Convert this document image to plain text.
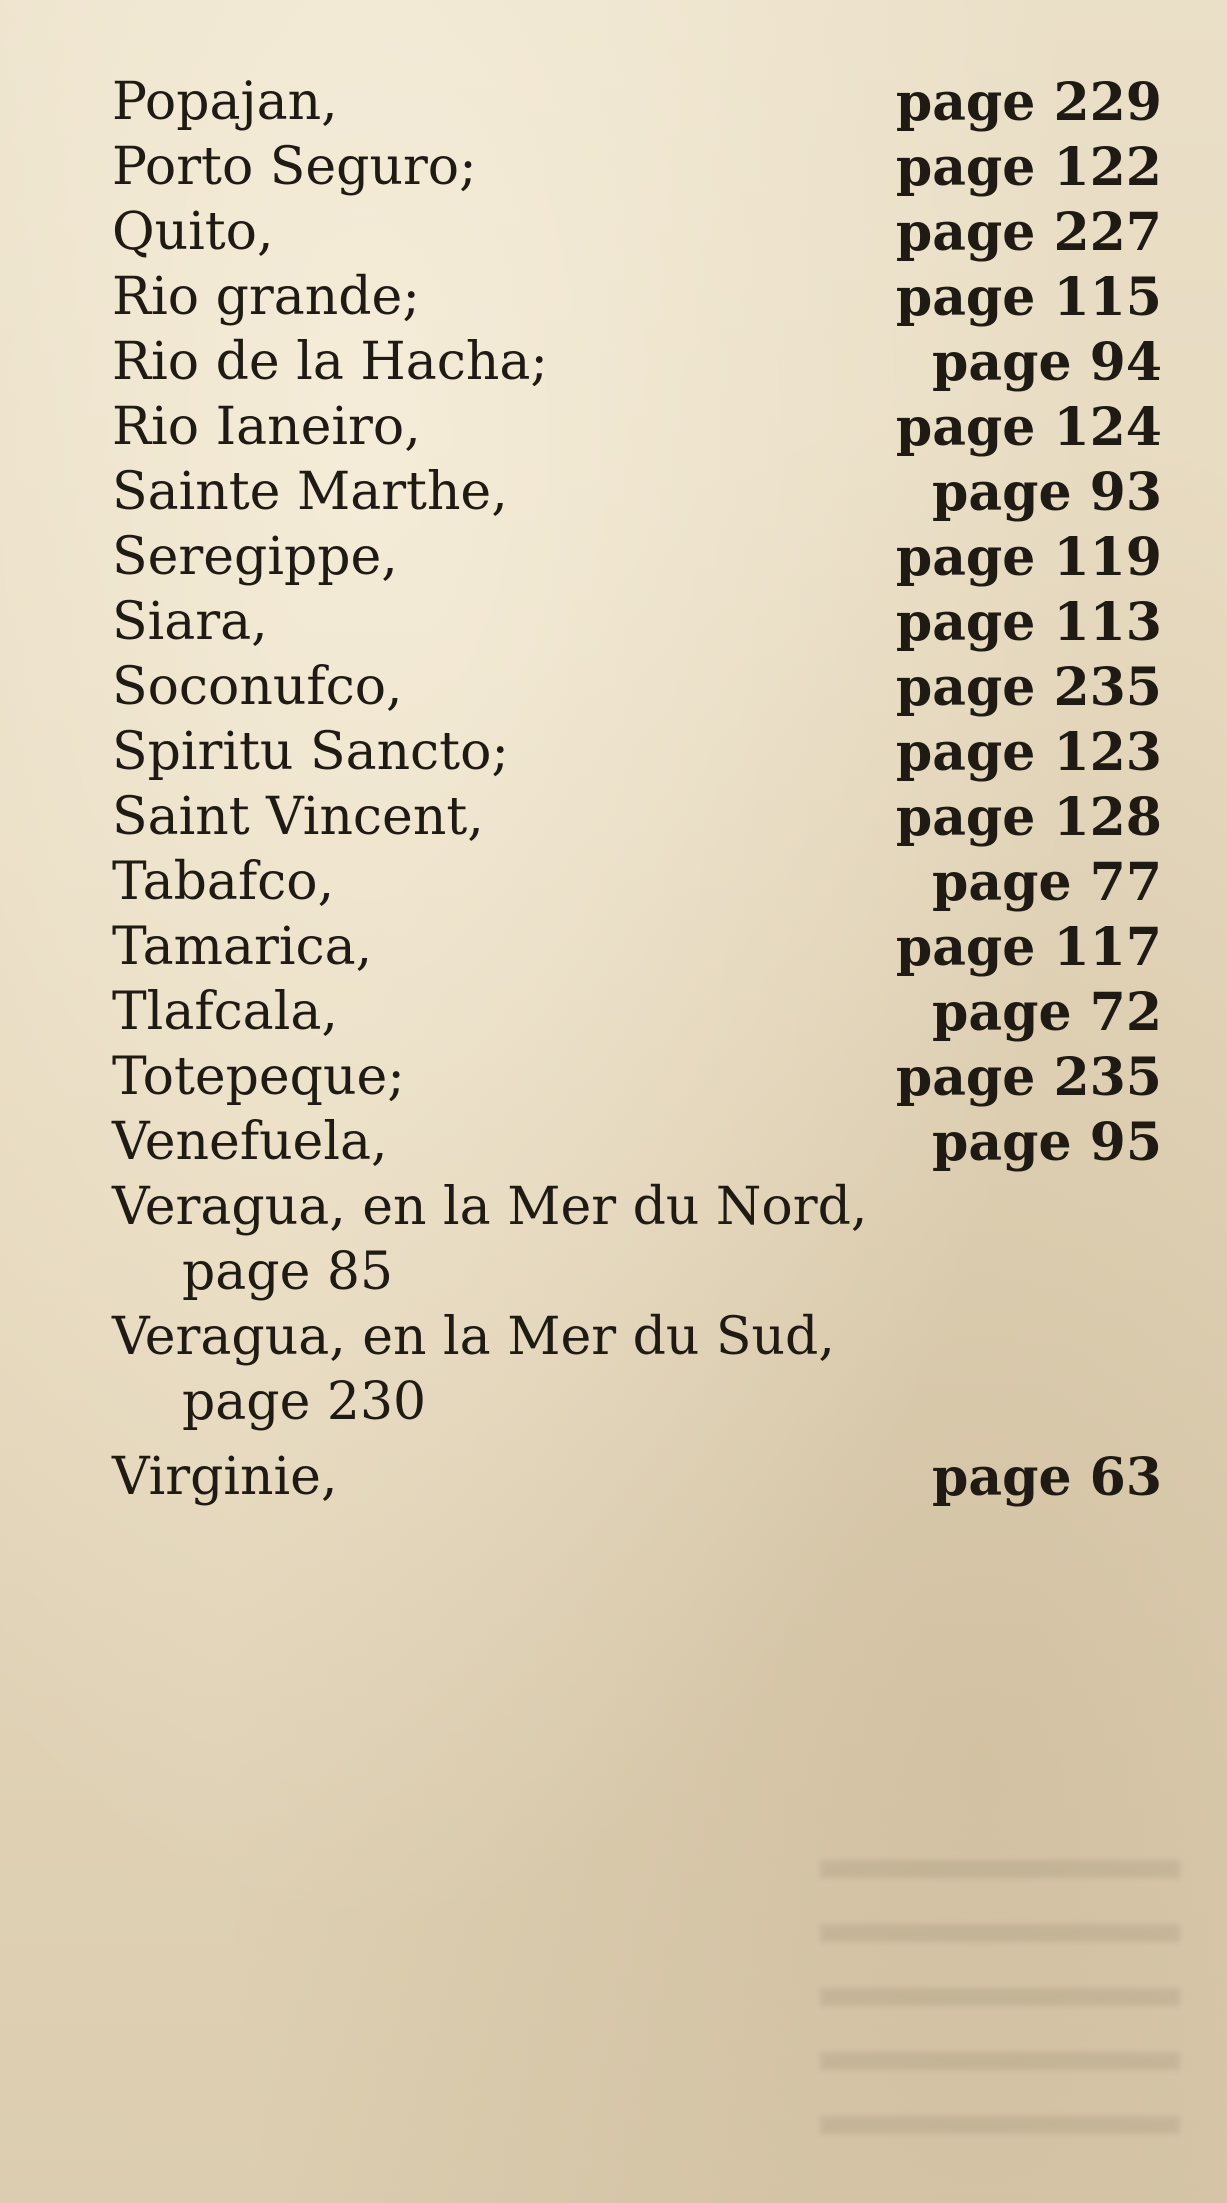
Popajan,	page 229
Porto Seguro;	page 122
Quito,	page 227
Rio grande;	page 115
Rio de la Hacha;	page 94
Rio Ianeiro,	page 124
Sainte Marthe,	page 93
Seregippe,	page 119
Siara,	page 113
Soconufco,	page 235
Spiritu Sancto;	page 123
Saint Vincent,	page 128
Tabafco,	page 77
Tamarica,	page 117
Tlafcala,	page 72
Totepeque;	page 235
Venefuela,	page 95
Veragua, en la Mer du Nord,
page 85
Veragua, en la Mer du Sud,
page 230
Virginie,	page 63
